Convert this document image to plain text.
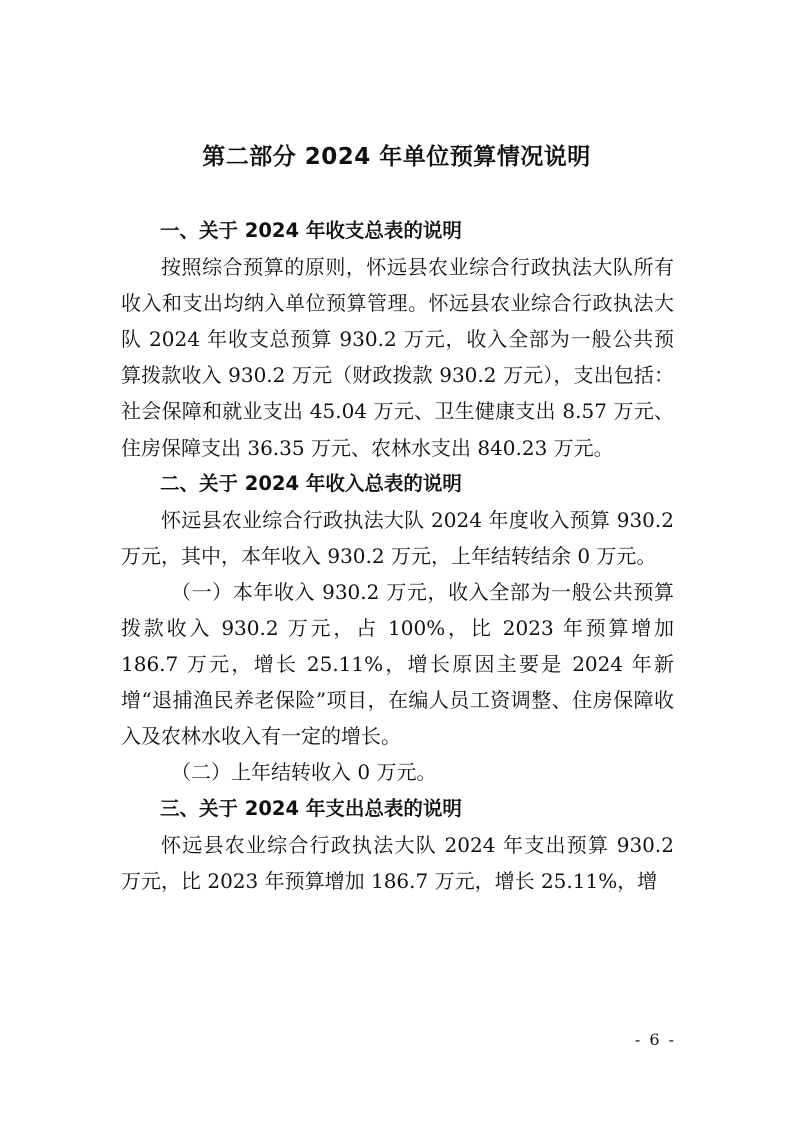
第二部分 2024 年单位预算情况说明

一、关于 2024 年收支总表的说明

按照综合预算的原则，怀远县农业综合行政执法大队所有收入和支出均纳入单位预算管理。怀远县农业综合行政执法大队 2024 年收支总预算 930.2 万元，收入全部为一般公共预算拨款收入 930.2 万元（财政拨款 930.2 万元），支出包括：社会保障和就业支出 45.04 万元、卫生健康支出 8.57 万元、住房保障支出 36.35 万元、农林水支出 840.23 万元。

二、关于 2024 年收入总表的说明

怀远县农业综合行政执法大队 2024 年度收入预算 930.2 万元，其中，本年收入 930.2 万元，上年结转结余 0 万元。

（一）本年收入 930.2 万元，收入全部为一般公共预算拨款收入 930.2 万元，占 100%，比 2023 年预算增加 186.7 万元，增长 25.11%，增长原因主要是 2024 年新增“退捕渔民养老保险”项目，在编人员工资调整、住房保障收入及农林水收入有一定的增长。

（二）上年结转收入 0 万元。

三、关于 2024 年支出总表的说明

怀远县农业综合行政执法大队 2024 年支出预算 930.2 万元，比 2023 年预算增加 186.7 万元，增长 25.11%，增

- 6 -
